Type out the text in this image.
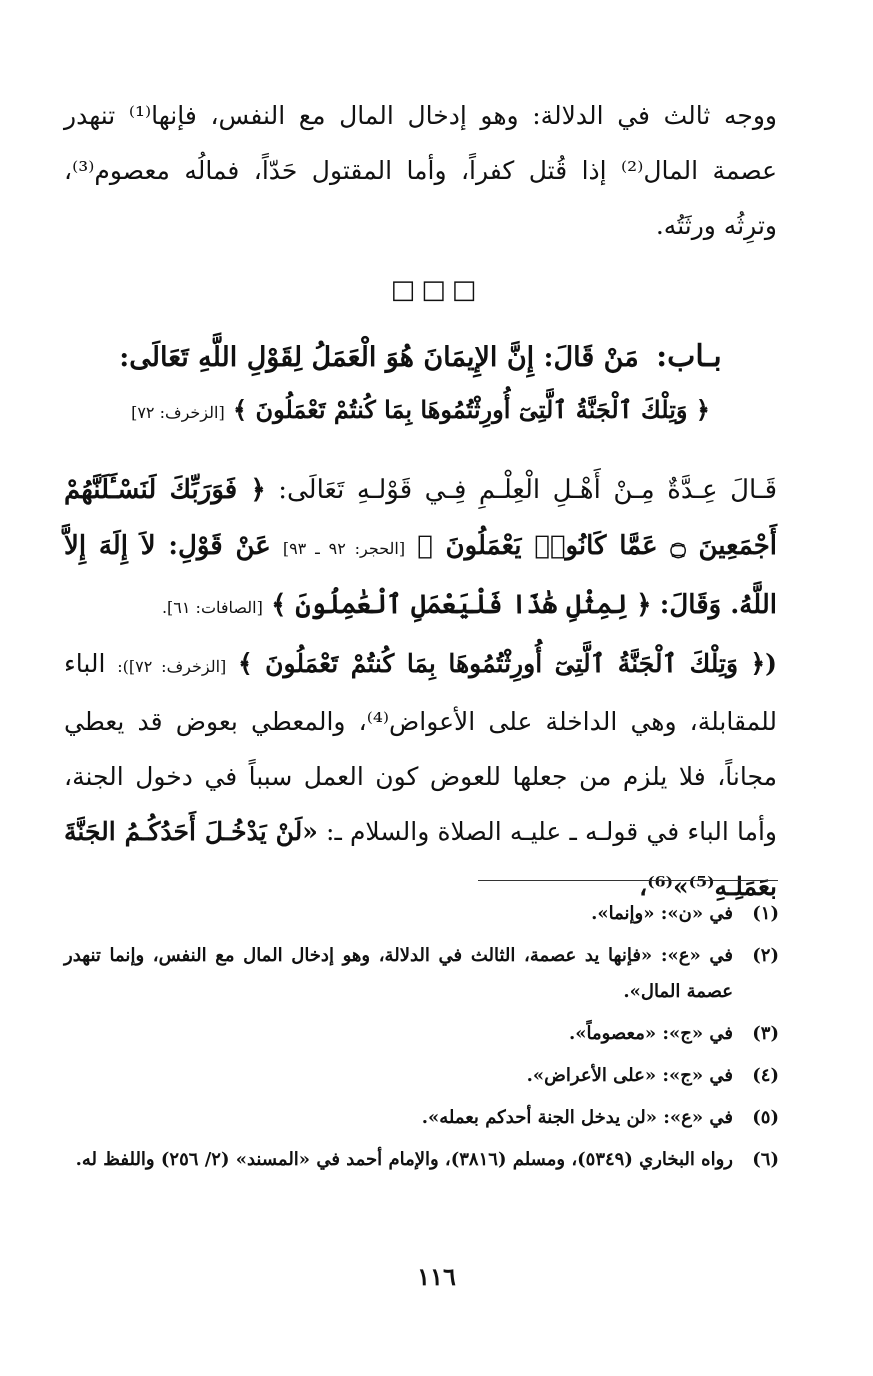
ووجه ثالث في الدلالة: وهو إدخال المال مع النفس، فإنها⁽¹⁾ تنهدر عصمة المال⁽²⁾ إذا قُتل كفراً، وأما المقتول حَدّاً، فمالُه معصوم⁽³⁾، وترِثُه ورثَتُه.
□□□
بـاب: مَنْ قَالَ: إِنَّ الإِيمَانَ هُوَ الْعَمَلُ لِقَوْلِ اللَّهِ تَعَالَى:
﴿ وَتِلْكَ ٱلْجَنَّةُ ٱلَّتِىٓ أُورِثْتُمُوهَا بِمَا كُنتُمْ تَعْمَلُونَ ﴾ [الزخرف: ٧٢]
قَـالَ عِـدَّةٌ مِـنْ أَهْـلِ الْعِلْـمِ فِـي قَوْلـهِ تَعَالَى: ﴿ فَوَرَبِّكَ لَنَسْـَٔلَنَّهُمْ أَجْمَعِينَ ۝ عَمَّا كَانُوا۟ يَعْمَلُونَ ﴾ [الحجر: ٩٢ ـ ٩٣] عَنْ قَوْلِ: لاَ إِلَهَ إِلاَّ اللَّهُ. وَقَالَ: ﴿ لِمِثْلِ هَٰذَا فَلْيَعْمَلِ ٱلْعَٰمِلُونَ ﴾ [الصافات: ٦١].
(﴿ وَتِلْكَ ٱلْجَنَّةُ ٱلَّتِىٓ أُورِثْتُمُوهَا بِمَا كُنتُمْ تَعْمَلُونَ ﴾ [الزخرف: ٧٢]): الباء للمقابلة، وهي الداخلة على الأعواض⁽⁴⁾، والمعطي بعوض قد يعطي مجاناً، فلا يلزم من جعلها للعوض كون العمل سبباً في دخول الجنة، وأما الباء في قولـه ـ عليـه الصلاة والسلام ـ: «لَنْ يَدْخُـلَ أَحَدُكُـمُ الجَنَّةَ بعَمَلِـهِ⁽⁵⁾»⁽⁶⁾،
(١)
في «ن»: «وإنما».
(٢)
في «ع»: «فإنها يد عصمة، الثالث في الدلالة، وهو إدخال المال مع النفس، وإنما تنهدر عصمة المال».
(٣)
في «ج»: «معصوماً».
(٤)
في «ج»: «على الأعراض».
(٥)
في «ع»: «لن يدخل الجنة أحدكم بعمله».
(٦)
رواه البخاري (٥٣٤٩)، ومسلم (٣٨١٦)، والإمام أحمد في «المسند» (٢/ ٢٥٦) واللفظ له.
١١٦
